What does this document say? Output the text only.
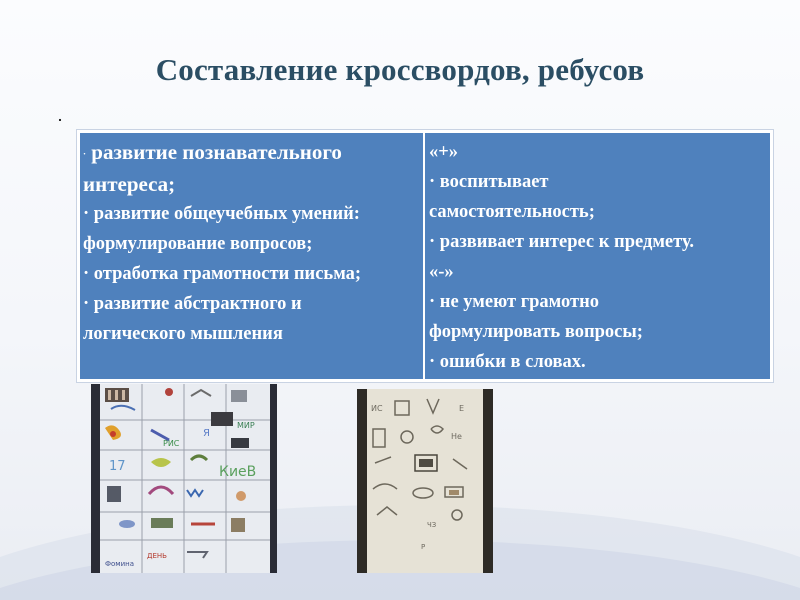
Составление кроссвордов, ребусов
·

· развитие познавательного

интереса;

· развитие общеучебных умений:

формулирование вопросов;

· отработка грамотности письма;

· развитие абстрактного и

логического мышления

«+»

· воспитывает

самостоятельность;

· развивает интерес к предмету.

«-»

· не умеют грамотно

формулировать вопросы;

· ошибки в словах.

РИС
Я
МИР
17	КиеВ
ДЕНЬ
Фомина
ИС	Е
Не
ЧЗ
Р
